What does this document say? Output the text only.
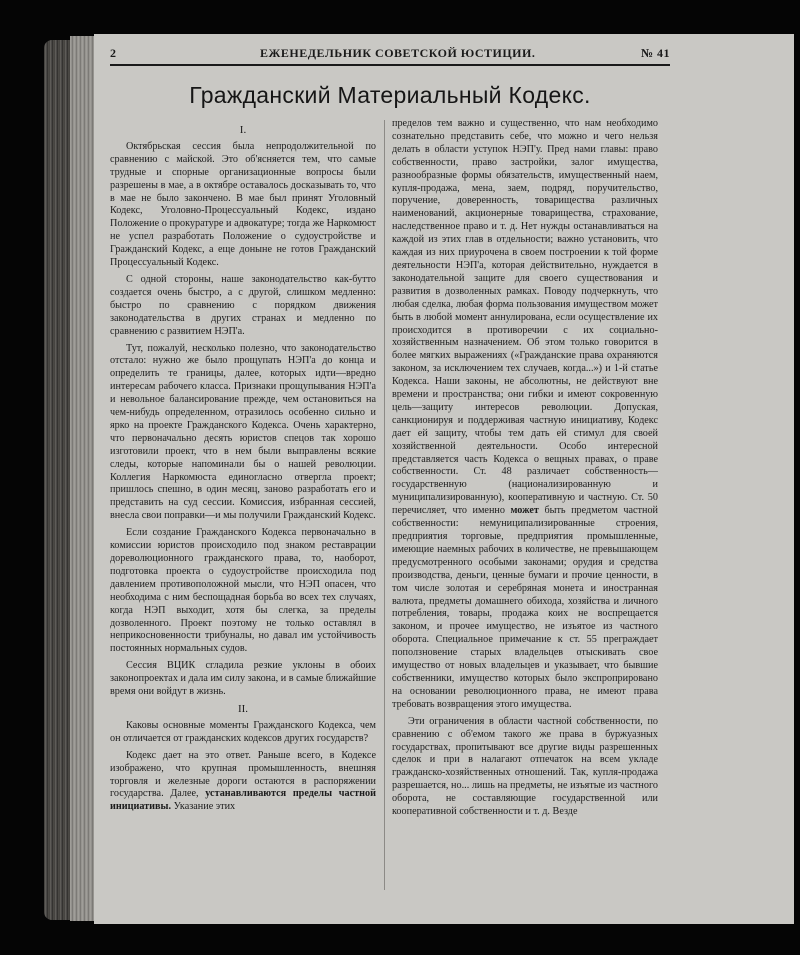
2	ЕЖЕНЕДЕЛЬНИК СОВЕТСКОЙ ЮСТИЦИИ.	№ 41
Гражданский Материальный Кодекс.
I.

Октябрьская сессия была непродолжительной по сравнению с майской. Это об'ясняется тем, что самые трудные и спорные организационные вопросы были разрешены в мае, а в октябре оставалось досказывать то, что в мае не было закончено. В мае был принят Уголовный Кодекс, Уголовно-Процессуальный Кодекс, издано Положение о прокуратуре и адвокатуре; тогда же Наркомюст не успел разработать Положение о судоустройстве и Гражданский Кодекс, а еще доныне не готов Гражданский Процессуальный Кодекс.

С одной стороны, наше законодательство как-бутто создается очень быстро, а с другой, слишком медленно: быстро по сравнению с порядком движения законодательства в других странах и медленно по сравнению с развитием НЭП'а.

Тут, пожалуй, несколько полезно, что законодательство отстало: нужно же было прощупать НЭП'а до конца и определить те границы, далее, которых идти—вредно интересам рабочего класса. Признаки прощупывания НЭП'а и невольное балансирование прежде, чем остановиться на чем-нибудь определенном, отразилось особенно сильно и ярко на проекте Гражданского Кодекса. Очень характерно, что первоначально десять юристов спецов так хорошо изготовили проект, что в нем были выправлены всякие следы, которые напоминали бы о нашей революции. Коллегия Наркомюста единогласно отвергла проект; пришлось спешно, в один месяц, заново разработать его и представить на суд сессии. Комиссия, избранная сессией, внесла свои поправки—и мы получили Гражданский Кодекс.

Если создание Гражданского Кодекса первоначально в комиссии юристов происходило под знаком реставрации дореволюционного гражданского права, то, наоборот, подготовка проекта о судоустройстве происходила под давлением противоположной мысли, что НЭП опасен, что необходима с ним беспощадная борьба во всех тех случаях, когда НЭП выходит, хотя бы слегка, за пределы дозволенного. Проект поэтому не только оставлял в неприкосновенности трибуналы, но давал им устойчивость постоянных нормальных судов.

Сессия ВЦИК сгладила резкие уклоны в обоих законопроектах и дала им силу закона, и в самые ближайшие время они войдут в жизнь.

II.

Каковы основные моменты Гражданского Кодекса, чем он отличается от гражданских кодексов других государств?

Кодекс дает на это ответ. Раньше всего, в Кодексе изображено, что крупная промышленность, внешняя торговля и железные дороги остаются в распоряжении государства. Далее, устанавливаются пределы частной инициативы. Указание этих

пределов тем важно и существенно, что нам необходимо сознательно представить себе, что можно и чего нельзя делать в области уступок НЭП'у. Пред нами главы: право собственности, право застройки, залог имущества, разнообразные формы обязательств, имущественный наем, купля-продажа, мена, заем, подряд, поручительство, поручение, доверенность, товарищества различных наименований, акционерные товарищества, страхование, наследственное право и т. д. Нет нужды останавливаться на каждой из этих глав в отдельности; важно установить, что каждая из них приурочена в своем построении к той форме деятельности НЭП'а, которая действительно, нуждается в законодательной защите для своего существования и развития в дозволенных рамках. Поводу подчеркнуть, что любая сделка, любая форма пользования имуществом может быть в любой момент аннулирована, если осуществление их происходится в противоречии с их социально-хозяйственным назначением. Об этом только говорится в более мягких выражениях («Гражданские права охраняются законом, за исключением тех случаев, когда...») и 1-й статье Кодекса. Наши законы, не абсолютны, не действуют вне времени и пространства; они гибки и имеют сокровенную цель—защиту интересов революции. Допуская, санкционируя и поддерживая частную инициативу, Кодекс дает ей защиту, чтобы тем дать ей стимул для своей хозяйственной деятельности. Особо интересной представляется часть Кодекса о вещных правах, о праве собственности. Ст. 48 различает собственность—государственную (национализированную и муниципализированную), кооперативную и частную. Ст. 50 перечисляет, что именно может быть предметом частной собственности: немуниципализированные строения, предприятия торговые, предприятия промышленные, имеющие наемных рабочих в количестве, не превышающем предусмотренного особыми законами; орудия и средства производства, деньги, ценные бумаги и прочие ценности, в том числе золотая и серебряная монета и иностранная валюта, предметы домашнего обихода, хозяйства и личного потребления, товары, продажа коих не воспрещается законом, и прочее имущество, не изъятое из частного оборота. Специальное примечание к ст. 55 преграждает поползновение старых владельцев отыскивать свое имущество от новых владельцев и указывает, что бывшие собственники, имущество которых было экспроприровано на основании революционного права, не имеют права требовать возвращения этого имущества.

Эти ограничения в области частной собственности, по сравнению с об'емом такого же права в буржуазных государствах, пропитывают все другие виды разрешенных сделок и при в налагают отпечаток на всем укладе гражданско-хозяйственных отношений. Так, купля-продажа разрешается, но... лишь на предметы, не изъятые из частного оборота, не составляющие государственной или кооперативной собственности и т. д. Везде
